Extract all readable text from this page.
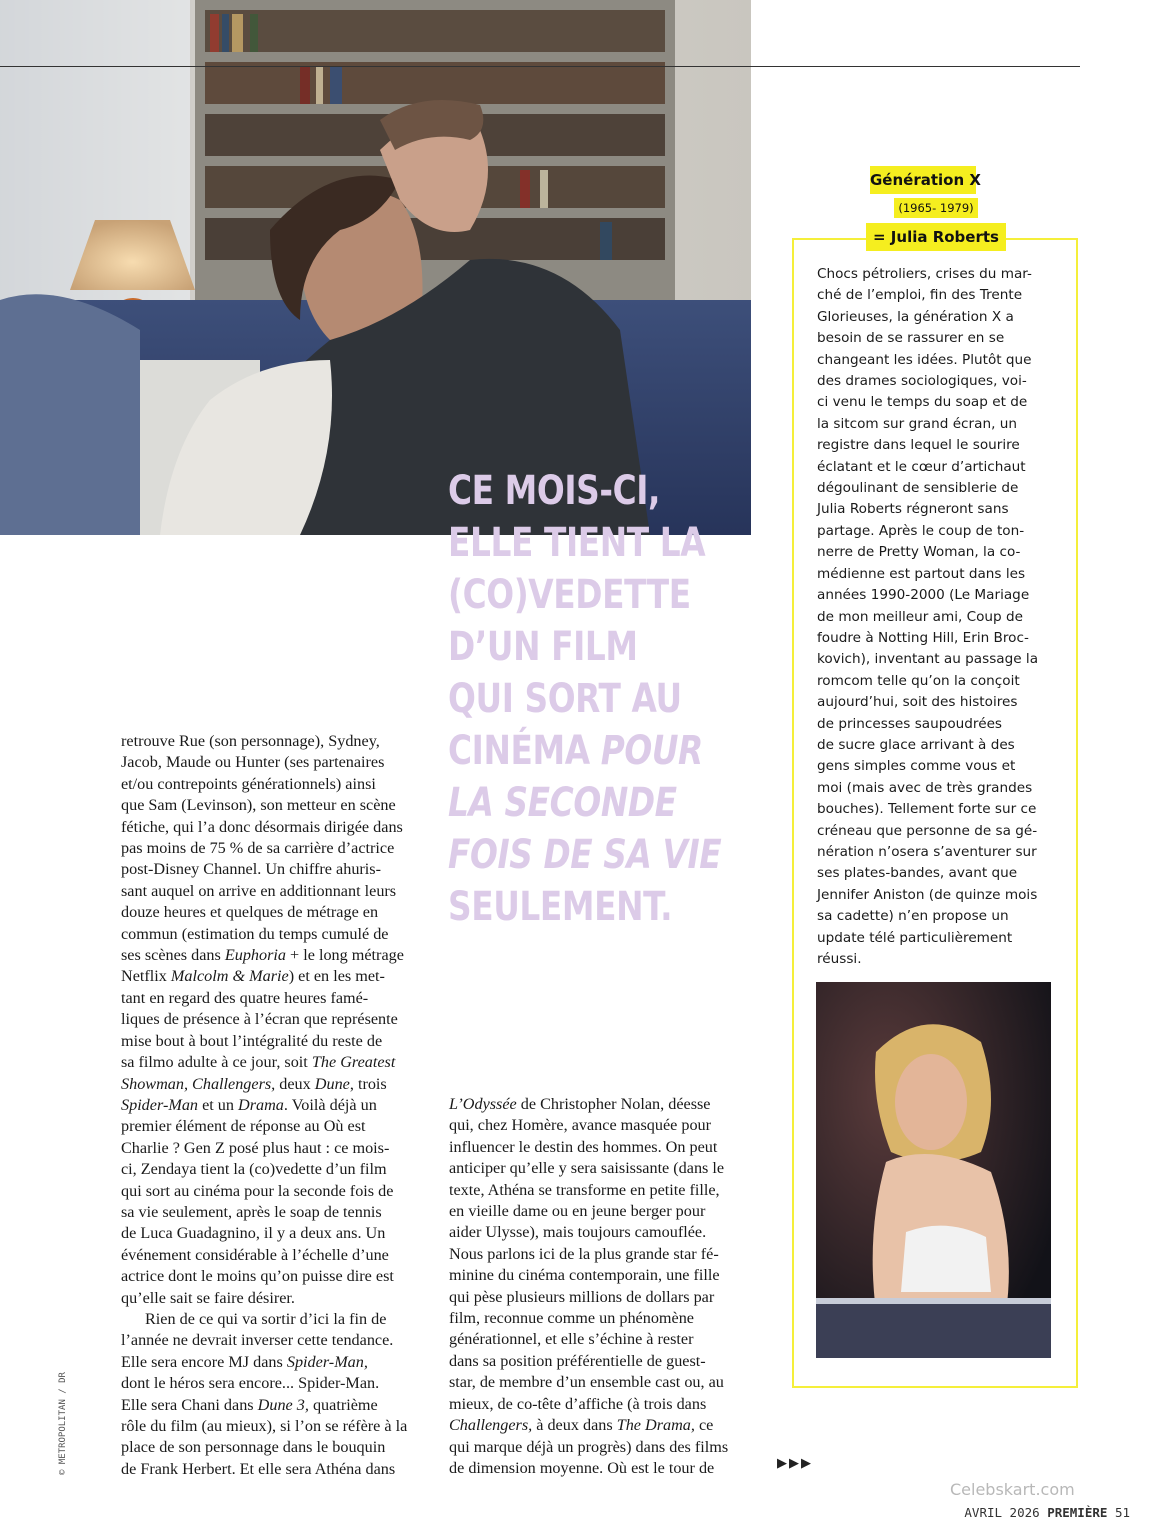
CE MOIS-CI,
ELLE TIENT LA
(CO)VEDETTE
D’UN FILM
QUI SORT AU
CINÉMA POUR
LA SECONDE
FOIS DE SA VIE
SEULEMENT.
retrouve Rue (son personnage), Sydney,
Jacob, Maude ou Hunter (ses partenaires
et/ou contrepoints générationnels) ainsi
que Sam (Levinson), son metteur en scène
fétiche, qui l’a donc désormais dirigée dans
pas moins de 75 % de sa carrière d’actrice
post-Disney Channel. Un chiffre ahuris-
sant auquel on arrive en additionnant leurs
douze heures et quelques de métrage en
commun (estimation du temps cumulé de
ses scènes dans Euphoria + le long métrage
Netflix Malcolm & Marie) et en les met-
tant en regard des quatre heures famé-
liques de présence à l’écran que représente
mise bout à bout l’intégralité du reste de
sa filmo adulte à ce jour, soit The Greatest
Showman, Challengers, deux Dune, trois
Spider-Man et un Drama. Voilà déjà un
premier élément de réponse au Où est
Charlie ? Gen Z posé plus haut : ce mois-
ci, Zendaya tient la (co)vedette d’un film
qui sort au cinéma pour la seconde fois de
sa vie seulement, après le soap de tennis
de Luca Guadagnino, il y a deux ans. Un
événement considérable à l’échelle d’une
actrice dont le moins qu’on puisse dire est
qu’elle sait se faire désirer.
Rien de ce qui va sortir d’ici la fin de
l’année ne devrait inverser cette tendance.
Elle sera encore MJ dans Spider-Man,
dont le héros sera encore... Spider-Man.
Elle sera Chani dans Dune 3, quatrième
rôle du film (au mieux), si l’on se réfère à la
place de son personnage dans le bouquin
de Frank Herbert. Et elle sera Athéna dans
L’Odyssée de Christopher Nolan, déesse
qui, chez Homère, avance masquée pour
influencer le destin des hommes. On peut
anticiper qu’elle y sera saisissante (dans le
texte, Athéna se transforme en petite fille,
en vieille dame ou en jeune berger pour
aider Ulysse), mais toujours camouflée.
Nous parlons ici de la plus grande star fé-
minine du cinéma contemporain, une fille
qui pèse plusieurs millions de dollars par
film, reconnue comme un phénomène
générationnel, et elle s’échine à rester
dans sa position préférentielle de guest-
star, de membre d’un ensemble cast ou, au
mieux, de co-tête d’affiche (à trois dans
Challengers, à deux dans The Drama, ce
qui marque déjà un progrès) dans des films
de dimension moyenne. Où est le tour de
Génération X
(1965- 1979)
= Julia Roberts
Chocs pétroliers, crises du mar-
ché de l’emploi, fin des Trente
Glorieuses, la génération X a
besoin de se rassurer en se
changeant les idées. Plutôt que
des drames sociologiques, voi-
ci venu le temps du soap et de
la sitcom sur grand écran, un
registre dans lequel le sourire
éclatant et le cœur d’artichaut
dégoulinant de sensiblerie de
Julia Roberts régneront sans
partage. Après le coup de ton-
nerre de Pretty Woman, la co-
médienne est partout dans les
années 1990-2000 (Le Mariage
de mon meilleur ami, Coup de
foudre à Notting Hill, Erin Broc-
kovich), inventant au passage la
romcom telle qu’on la conçoit
aujourd’hui, soit des histoires
de princesses saupoudrées
de sucre glace arrivant à des
gens simples comme vous et
moi (mais avec de très grandes
bouches). Tellement forte sur ce
créneau que personne de sa gé-
nération n’osera s’aventurer sur
ses plates-bandes, avant que
Jennifer Aniston (de quinze mois
sa cadette) n’en propose un
update télé particulièrement
réussi.
▶▶▶
Celebskart.com
AVRIL 2026 PREMIÈRE 51
© METROPOLITAN / DR
